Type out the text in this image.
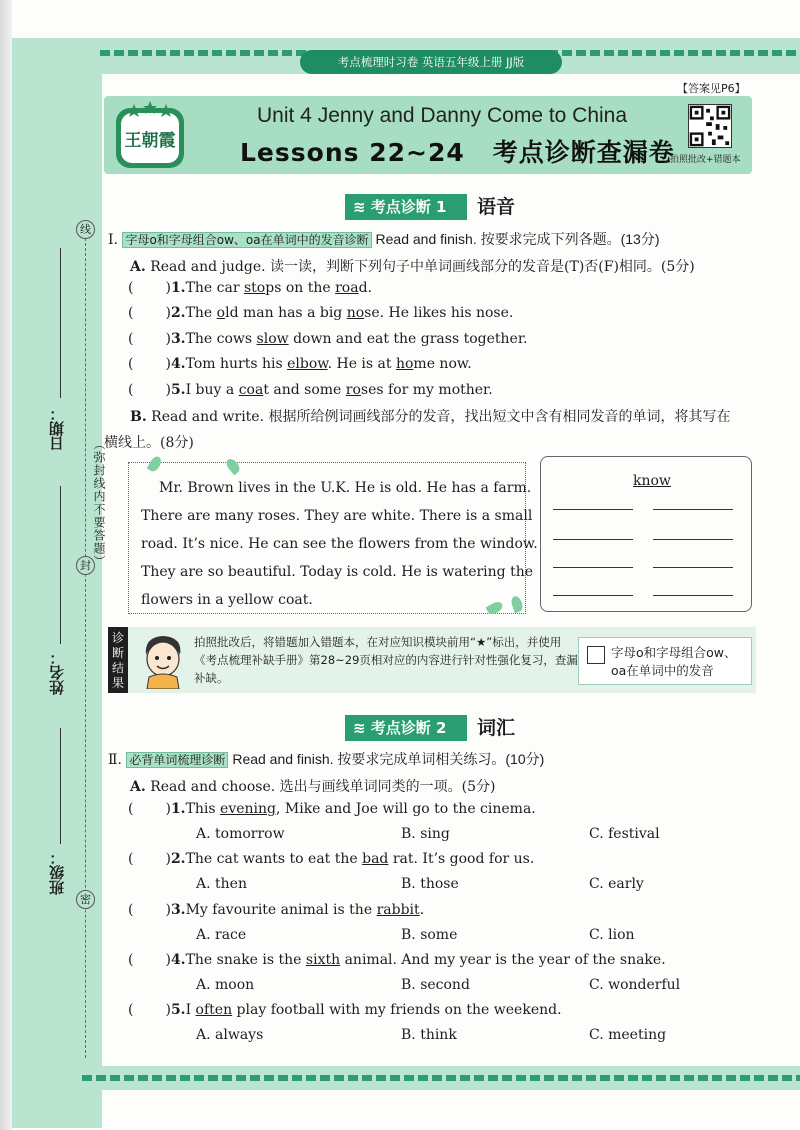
线
封
密
日期：
姓名：
班级：
（弥封线内不要答题）
考点梳理时习卷 英语五年级上册 JJ版
【答案见P6】
王朝霞
Unit 4 Jenny and Danny Come to China
Lessons 22~24 考点诊断查漏卷
拍照批改+错题本
≋ 考点诊断 1	语音
Ⅰ. 字母o和字母组合ow、oa在单词中的发音诊断 Read and finish. 按要求完成下列各题。(13分)
A. Read and judge. 读一读，判断下列句子中单词画线部分的发音是(T)否(F)相同。(5分)
( )1.The car stops on the road.
( )2.The old man has a big nose. He likes his nose.
( )3.The cows slow down and eat the grass together.
( )4.Tom hurts his elbow. He is at home now.
( )5.I buy a coat and some roses for my mother.
B. Read and write. 根据所给例词画线部分的发音，找出短文中含有相同发音的单词，将其写在
横线上。(8分)
Mr. Brown lives in the U.K. He is old. He has a farm.
There are many roses. They are white. There is a small
road. It’s nice. He can see the flowers from the window.
They are so beautiful. Today is cold. He is watering the
flowers in a yellow coat.
know
诊断结果
拍照批改后，将错题加入错题本，在对应知识模块前用“★”标出，并使用《考点梳理补缺手册》第28~29页相对应的内容进行针对性强化复习，查漏补缺。
字母o和字母组合ow、oa在单词中的发音
≋ 考点诊断 2	词汇
Ⅱ. 必背单词梳理诊断 Read and finish. 按要求完成单词相关练习。(10分)
A. Read and choose. 选出与画线单词同类的一项。(5分)
( )1.This evening, Mike and Joe will go to the cinema.
A. tomorrow	B. sing	C. festival
( )2.The cat wants to eat the bad rat. It’s good for us.
A. then	B. those	C. early
( )3.My favourite animal is the rabbit.
A. race	B. some	C. lion
( )4.The snake is the sixth animal. And my year is the year of the snake.
A. moon	B. second	C. wonderful
( )5.I often play football with my friends on the weekend.
A. always	B. think	C. meeting
